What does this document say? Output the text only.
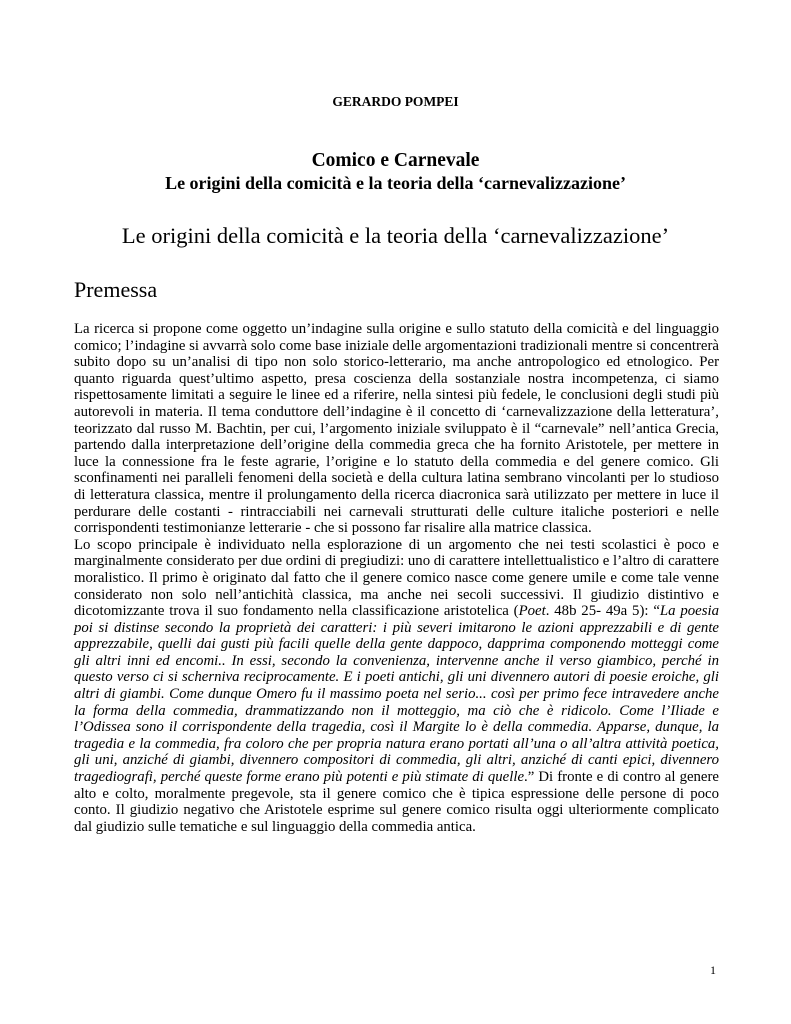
GERARDO POMPEI
Comico e Carnevale
Le origini della comicità e la teoria della ‘carnevalizzazione’
Le origini della comicità e la teoria della ‘carnevalizzazione’
Premessa

La ricerca si propone come oggetto un’indagine sulla origine e sullo statuto della comicità e del linguaggio comico; l’indagine si avvarrà solo come base iniziale delle argomentazioni tradizionali mentre si concentrerà subito dopo su un’analisi di tipo non solo storico-letterario, ma anche antropologico ed etnologico. Per quanto riguarda quest’ultimo aspetto, presa coscienza della sostanziale nostra incompetenza, ci siamo rispettosamente limitati a seguire le linee ed a riferire, nella sintesi più fedele, le conclusioni degli studi più autorevoli in materia. Il tema conduttore dell’indagine è il concetto di ‘carnevalizzazione della letteratura’, teorizzato dal russo M. Bachtin, per cui, l’argomento iniziale sviluppato è il “carnevale” nell’antica Grecia, partendo dalla interpretazione dell’origine della commedia greca che ha fornito Aristotele, per mettere in luce la connessione fra le feste agrarie, l’origine e lo statuto della commedia e del genere comico. Gli sconfinamenti nei paralleli fenomeni della società e della cultura latina sembrano vincolanti per lo studioso di letteratura classica, mentre il prolungamento della ricerca diacronica sarà utilizzato per mettere in luce il perdurare delle costanti - rintracciabili nei carnevali strutturati delle culture italiche posteriori e nelle corrispondenti testimonianze letterarie - che si possono far risalire alla matrice classica.

Lo scopo principale è individuato nella esplorazione di un argomento che nei testi scolastici è poco e marginalmente considerato per due ordini di pregiudizi: uno di carattere intellettualistico e l’altro di carattere moralistico. Il primo è originato dal fatto che il genere comico nasce come genere umile e come tale venne considerato non solo nell’antichità classica, ma anche nei secoli successivi. Il giudizio distintivo e dicotomizzante trova il suo fondamento nella classificazione aristotelica (Poet. 48b 25- 49a 5): “La poesia poi si distinse secondo la proprietà dei caratteri: i più severi imitarono le azioni apprezzabili e di gente apprezzabile, quelli dai gusti più facili quelle della gente dappoco, dapprima componendo motteggi come gli altri inni ed encomi.. In essi, secondo la convenienza, intervenne anche il verso giambico, perché in questo verso ci si scherniva reciprocamente. E i poeti antichi, gli uni divennero autori di poesie eroiche, gli altri di giambi. Come dunque Omero fu il massimo poeta nel serio... così per primo fece intravedere anche la forma della commedia, drammatizzando non il motteggio, ma ciò che è ridicolo. Come l’Iliade e l’Odissea sono il corrispondente della tragedia, così il Margite lo è della commedia. Apparse, dunque, la tragedia e la commedia, fra coloro che per propria natura erano portati all’una o all’altra attività poetica, gli uni, anziché di giambi, divennero compositori di commedia, gli altri, anziché di canti epici, divennero tragediografi, perché queste forme erano più potenti e più stimate di quelle.” Di fronte e di contro al genere alto e colto, moralmente pregevole, sta il genere comico che è tipica espressione delle persone di poco conto. Il giudizio negativo che Aristotele esprime sul genere comico risulta oggi ulteriormente complicato dal giudizio sulle tematiche e sul linguaggio della commedia antica.

1
